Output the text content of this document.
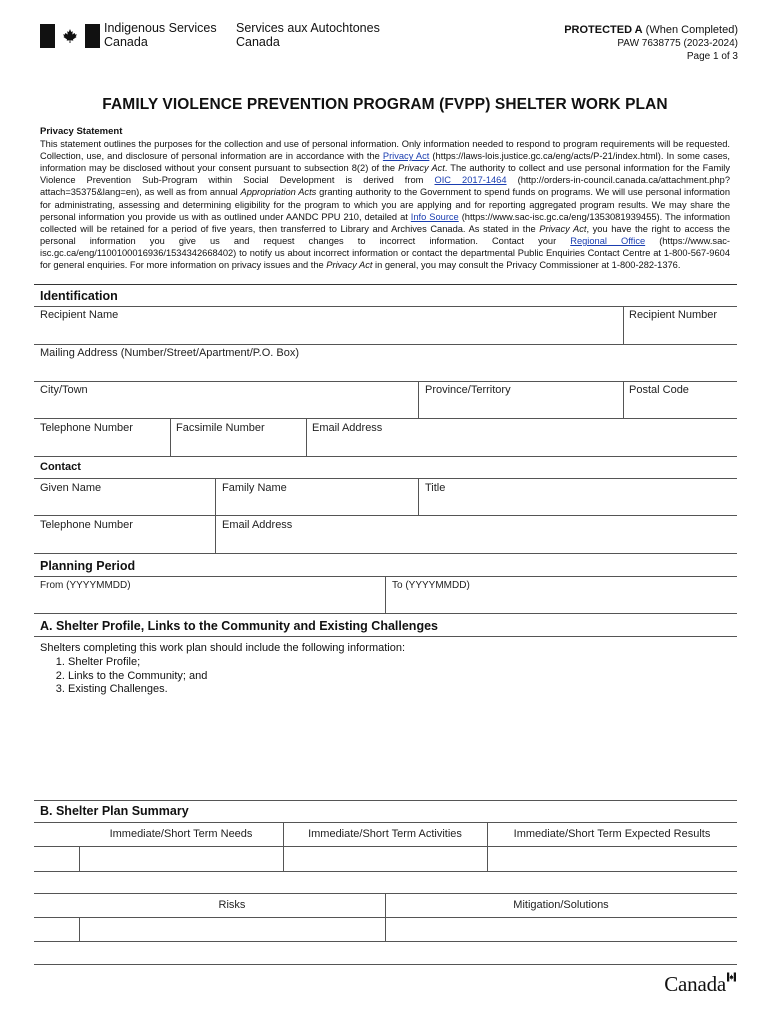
Indigenous Services
Canada
Services aux Autochtones
Canada
PROTECTED A (When Completed)
PAW 7638775 (2023-2024)
Page 1 of 3
FAMILY VIOLENCE PREVENTION PROGRAM (FVPP) SHELTER WORK PLAN
Privacy Statement
This statement outlines the purposes for the collection and use of personal information. Only information needed to respond to program requirements will be requested. Collection, use, and disclosure of personal information are in accordance with the Privacy Act (https://laws-lois.justice.gc.ca/eng/acts/P-21/index.html). In some cases, information may be disclosed without your consent pursuant to subsection 8(2) of the Privacy Act. The authority to collect and use personal information for the Family Violence Prevention Sub-Program within Social Development is derived from OIC 2017-1464 (http://orders-in-council.canada.ca/attachment.php?attach=35375&lang=en), as well as from annual Appropriation Acts granting authority to the Government to spend funds on programs. We will use personal information for administrating, assessing and determining eligibility for the program to which you are applying and for reporting aggregated program results. We may share the personal information you provide us with as outlined under AANDC PPU 210, detailed at Info Source (https://www.sac-isc.gc.ca/eng/1353081939455). The information collected will be retained for a period of five years, then transferred to Library and Archives Canada. As stated in the Privacy Act, you have the right to access the personal information you give us and request changes to incorrect information. Contact your Regional Office (https://www.sac-isc.gc.ca/eng/1100100016936/1534342668402) to notify us about incorrect information or contact the departmental Public Enquiries Contact Centre at 1-800-567-9604 for general enquiries. For more information on privacy issues and the Privacy Act in general, you may consult the Privacy Commissioner at 1-800-282-1376.
Identification
Recipient Name	Recipient Number
Mailing Address (Number/Street/Apartment/P.O. Box)
City/Town	Province/Territory	Postal Code
Telephone Number	Facsimile Number	Email Address
Contact
Given Name	Family Name	Title
Telephone Number	Email Address
Planning Period
From (YYYYMMDD)	To (YYYYMMDD)
A. Shelter Profile, Links to the Community and Existing Challenges
Shelters completing this work plan should include the following information:
1. Shelter Profile;
2. Links to the Community; and
3. Existing Challenges.
B. Shelter Plan Summary
Immediate/Short Term Needs	Immediate/Short Term Activities	Immediate/Short Term Expected Results
Risks	Mitigation/Solutions
Canada
